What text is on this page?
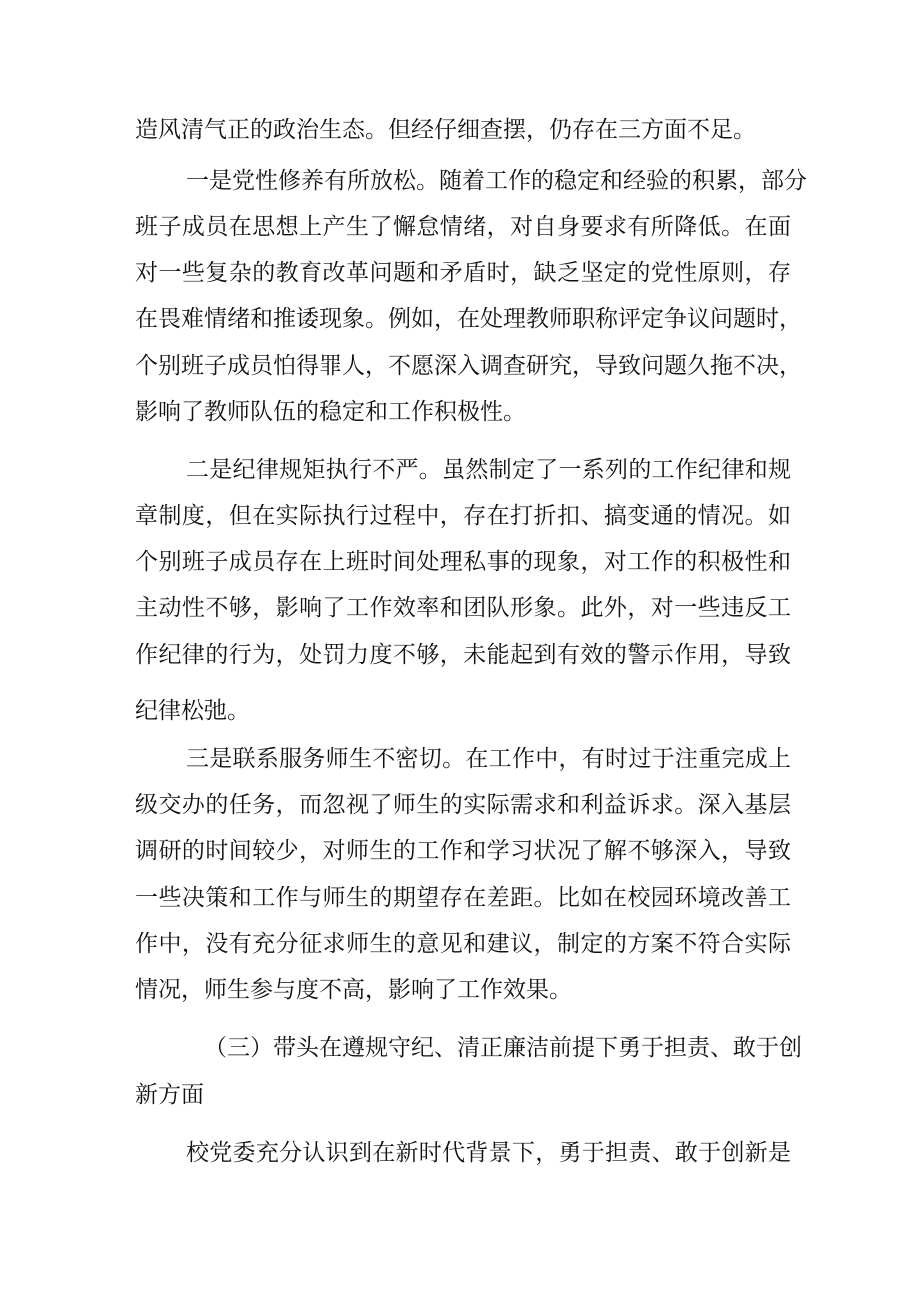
造风清气正的政治生态。但经仔细查摆，仍存在三方面不足。
一是党性修养有所放松。随着工作的稳定和经验的积累，部分
班子成员在思想上产生了懈怠情绪，对自身要求有所降低。在面
对一些复杂的教育改革问题和矛盾时，缺乏坚定的党性原则，存
在畏难情绪和推诿现象。例如，在处理教师职称评定争议问题时，
个别班子成员怕得罪人，不愿深入调查研究，导致问题久拖不决，
影响了教师队伍的稳定和工作积极性。
二是纪律规矩执行不严。虽然制定了一系列的工作纪律和规
章制度，但在实际执行过程中，存在打折扣、搞变通的情况。如
个别班子成员存在上班时间处理私事的现象，对工作的积极性和
主动性不够，影响了工作效率和团队形象。此外，对一些违反工
作纪律的行为，处罚力度不够，未能起到有效的警示作用，导致
纪律松弛。
三是联系服务师生不密切。在工作中，有时过于注重完成上
级交办的任务，而忽视了师生的实际需求和利益诉求。深入基层
调研的时间较少，对师生的工作和学习状况了解不够深入，导致
一些决策和工作与师生的期望存在差距。比如在校园环境改善工
作中，没有充分征求师生的意见和建议，制定的方案不符合实际
情况，师生参与度不高，影响了工作效果。
（三）带头在遵规守纪、清正廉洁前提下勇于担责、敢于创
新方面
校党委充分认识到在新时代背景下，勇于担责、敢于创新是
